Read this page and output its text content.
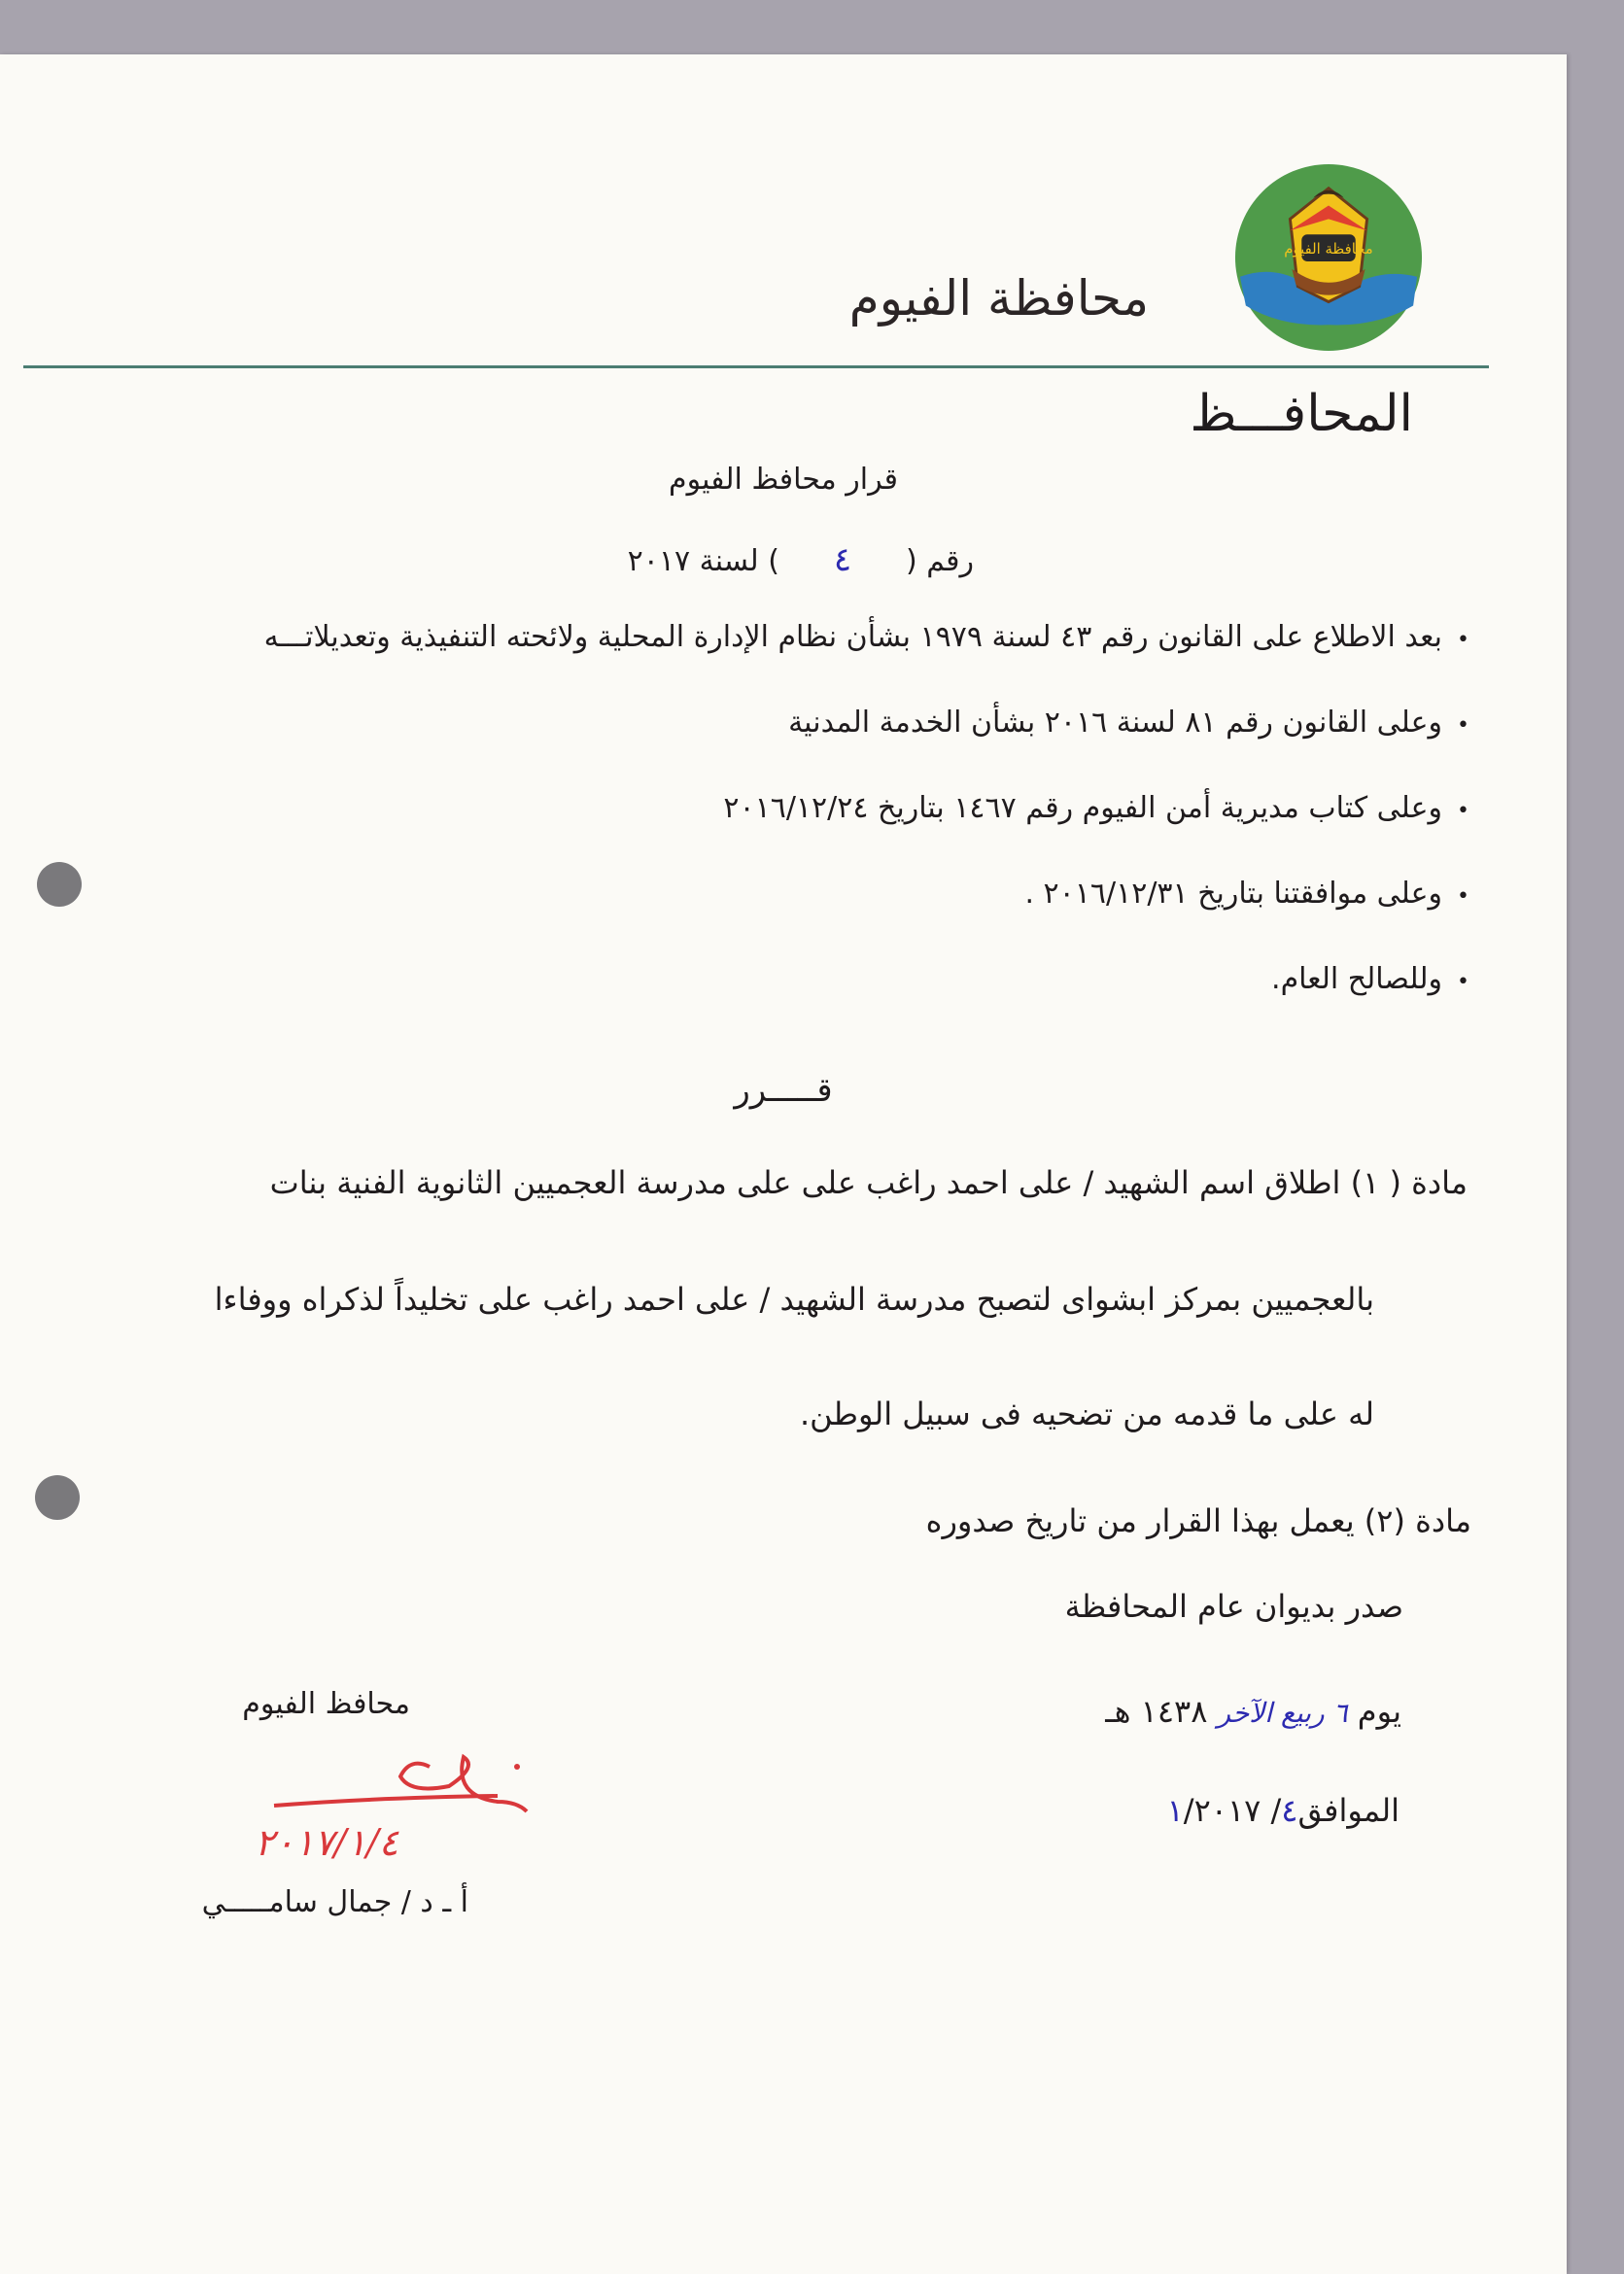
محافظة الفيوم
محافظة الفيوم
المحافـــظ
قرار محافظ الفيوم
رقم (٤) لسنة ٢٠١٧
•بعد الاطلاع على القانون رقم ٤٣ لسنة ١٩٧٩ بشأن نظام الإدارة المحلية ولائحته التنفيذية وتعديلاتـــه
•وعلى القانون رقم ٨١ لسنة ٢٠١٦ بشأن الخدمة المدنية
•وعلى كتاب مديرية أمن الفيوم رقم ١٤٦٧ بتاريخ ٢٠١٦/١٢/٢٤
•وعلى موافقتنا بتاريخ ٢٠١٦/١٢/٣١ .
•وللصالح العام.
قـــــرر
مادة ( ١) اطلاق اسم الشهيد / على احمد راغب على على مدرسة العجميين الثانوية الفنية بنات
بالعجميين بمركز ابشواى لتصبح مدرسة الشهيد / على احمد راغب على تخليداً لذكراه ووفاءا
له على ما قدمه من تضحيه فى سبيل الوطن.
مادة (٢) يعمل بهذا القرار من تاريخ صدوره
صدر بديوان عام المحافظة
يوم ٦ ربيع الآخر ١٤٣٨ هـ
الموافق٤/ ١/٢٠١٧
محافظ الفيوم
٢٠١٧/١/٤
أ ـ د / جمال سامـــــي
